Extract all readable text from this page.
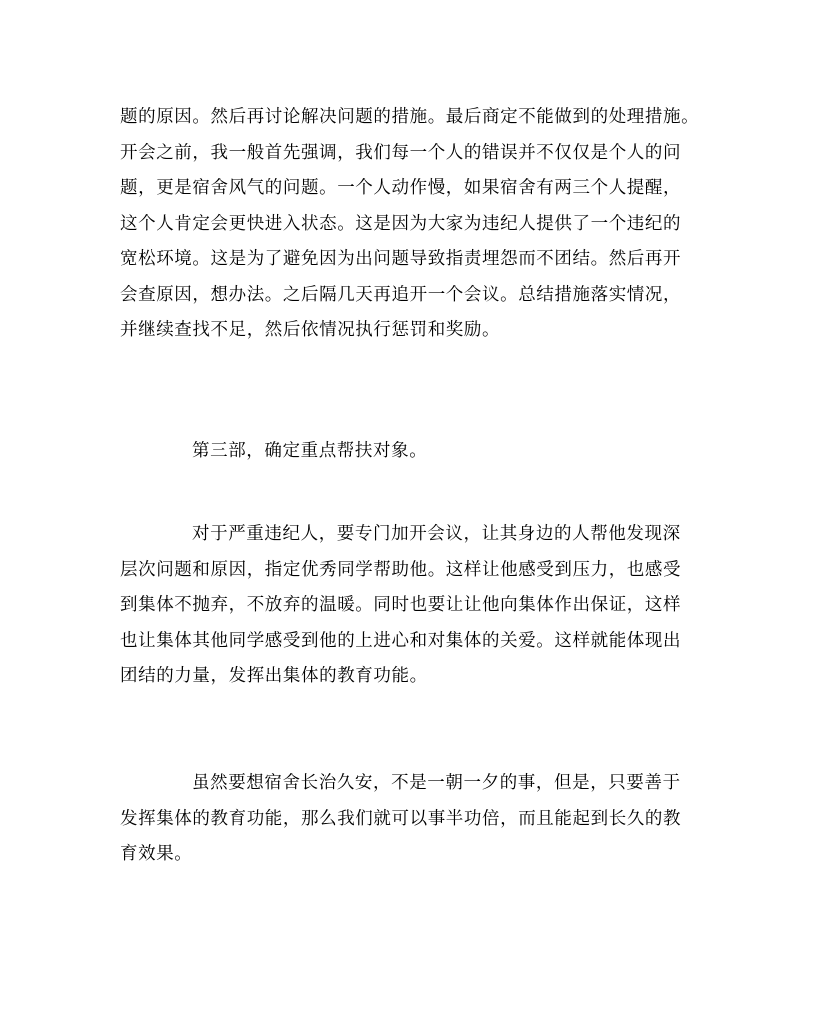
题的原因。然后再讨论解决问题的措施。最后商定不能做到的处理措施。
开会之前，我一般首先强调，我们每一个人的错误并不仅仅是个人的问
题，更是宿舍风气的问题。一个人动作慢，如果宿舍有两三个人提醒，
这个人肯定会更快进入状态。这是因为大家为违纪人提供了一个违纪的
宽松环境。这是为了避免因为出问题导致指责埋怨而不团结。然后再开
会查原因，想办法。之后隔几天再追开一个会议。总结措施落实情况，
并继续查找不足，然后依情况执行惩罚和奖励。
第三部，确定重点帮扶对象。
对于严重违纪人，要专门加开会议，让其身边的人帮他发现深
层次问题和原因，指定优秀同学帮助他。这样让他感受到压力，也感受
到集体不抛弃，不放弃的温暖。同时也要让让他向集体作出保证，这样
也让集体其他同学感受到他的上进心和对集体的关爱。这样就能体现出
团结的力量，发挥出集体的教育功能。
虽然要想宿舍长治久安，不是一朝一夕的事，但是，只要善于
发挥集体的教育功能，那么我们就可以事半功倍，而且能起到长久的教
育效果。
